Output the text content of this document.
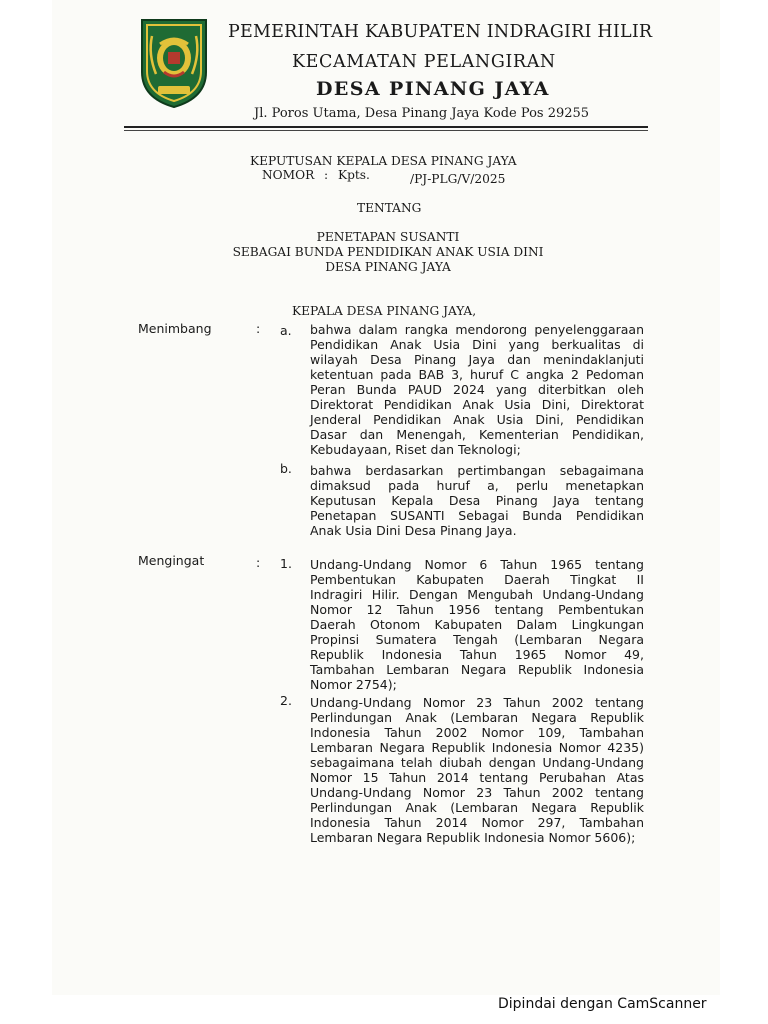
PEMERINTAH KABUPATEN INDRAGIRI HILIR
KECAMATAN PELANGIRAN
DESA PINANG JAYA
Jl. Poros Utama, Desa Pinang Jaya Kode Pos 29255
KEPUTUSAN KEPALA DESA PINANG JAYA
NOMOR : Kpts.	/PJ-PLG/V/2025
TENTANG
PENETAPAN SUSANTI
SEBAGAI BUNDA PENDIDIKAN ANAK USIA DINI
DESA PINANG JAYA
KEPALA DESA PINANG JAYA,
Menimbang	: a. bahwa dalam rangka mendorong penyelenggaraan
Pendidikan Anak Usia Dini yang berkualitas di
wilayah Desa Pinang Jaya dan menindaklanjuti
ketentuan pada BAB 3, huruf C angka 2 Pedoman
Peran Bunda PAUD 2024 yang diterbitkan oleh
Direktorat Pendidikan Anak Usia Dini, Direktorat
Jenderal Pendidikan Anak Usia Dini, Pendidikan
Dasar dan Menengah, Kementerian Pendidikan,
Kebudayaan, Riset dan Teknologi;
b. bahwa berdasarkan pertimbangan sebagaimana
dimaksud pada huruf a, perlu menetapkan
Keputusan Kepala Desa Pinang Jaya tentang
Penetapan SUSANTI Sebagai Bunda Pendidikan
Anak Usia Dini Desa Pinang Jaya.
Mengingat	: 1. Undang-Undang Nomor 6 Tahun 1965 tentang
Pembentukan Kabupaten Daerah Tingkat II
Indragiri Hilir. Dengan Mengubah Undang-Undang
Nomor 12 Tahun 1956 tentang Pembentukan
Daerah Otonom Kabupaten Dalam Lingkungan
Propinsi Sumatera Tengah (Lembaran Negara
Republik Indonesia Tahun 1965 Nomor 49,
Tambahan Lembaran Negara Republik Indonesia
Nomor 2754);
2. Undang-Undang Nomor 23 Tahun 2002 tentang
Perlindungan Anak (Lembaran Negara Republik
Indonesia Tahun 2002 Nomor 109, Tambahan
Lembaran Negara Republik Indonesia Nomor 4235)
sebagaimana telah diubah dengan Undang-Undang
Nomor 15 Tahun 2014 tentang Perubahan Atas
Undang-Undang Nomor 23 Tahun 2002 tentang
Perlindungan Anak (Lembaran Negara Republik
Indonesia Tahun 2014 Nomor 297, Tambahan
Lembaran Negara Republik Indonesia Nomor 5606);
Dipindai dengan CamScanner
